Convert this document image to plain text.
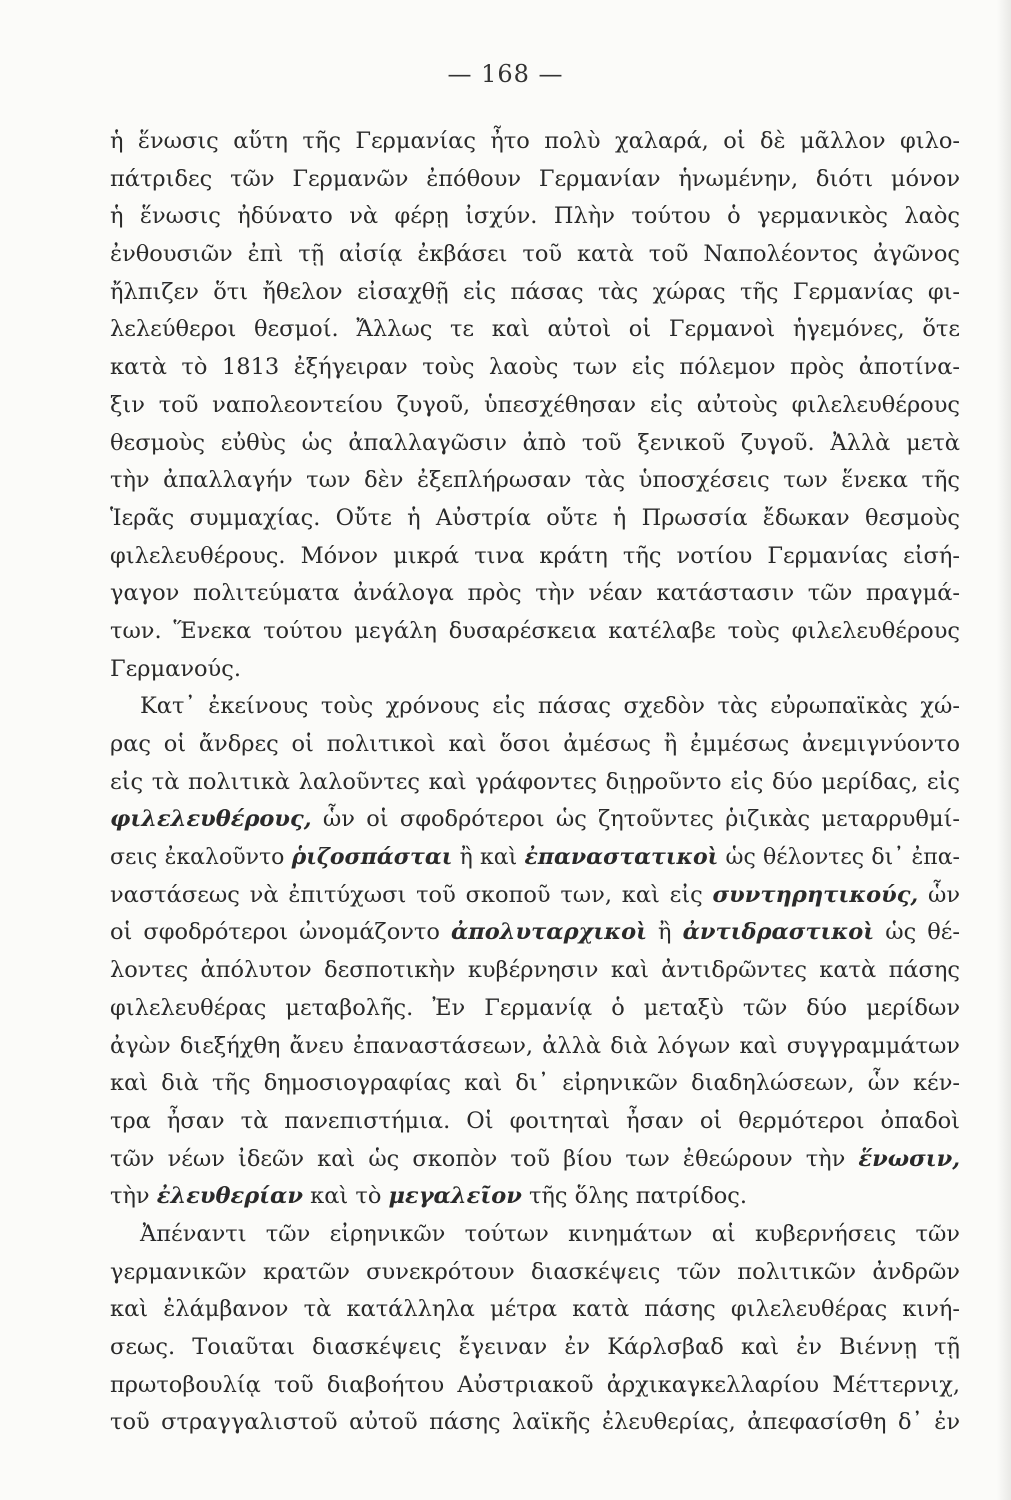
— 168 —
ἡ ἕνωσις αὕτη τῆς Γερμανίας ἦτο πολὺ χαλαρά, οἱ δὲ μᾶλλον φιλο-
πάτριδες τῶν Γερμανῶν ἐπόθουν Γερμανίαν ἡνωμένην, διότι μόνον
ἡ ἕνωσις ἠδύνατο νὰ φέρῃ ἰσχύν. Πλὴν τούτου ὁ γερμανικὸς λαὸς
ἐνθουσιῶν ἐπὶ τῇ αἰσίᾳ ἐκβάσει τοῦ κατὰ τοῦ Ναπολέοντος ἀγῶνος
ἤλπιζεν ὅτι ἤθελον εἰσαχθῇ εἰς πάσας τὰς χώρας τῆς Γερμανίας φι-
λελεύθεροι θεσμοί. Ἄλλως τε καὶ αὐτοὶ οἱ Γερμανοὶ ἡγεμόνες, ὅτε
κατὰ τὸ 1813 ἐξήγειραν τοὺς λαοὺς των εἰς πόλεμον πρὸς ἀποτίνα-
ξιν τοῦ ναπολεοντείου ζυγοῦ, ὑπεσχέθησαν εἰς αὐτοὺς φιλελευθέρους
θεσμοὺς εὐθὺς ὡς ἀπαλλαγῶσιν ἀπὸ τοῦ ξενικοῦ ζυγοῦ. Ἀλλὰ μετὰ
τὴν ἀπαλλαγήν των δὲν ἐξεπλήρωσαν τὰς ὑποσχέσεις των ἕνεκα τῆς
Ἱερᾶς συμμαχίας. Οὔτε ἡ Αὐστρία οὔτε ἡ Πρωσσία ἔδωκαν θεσμοὺς
φιλελευθέρους. Μόνον μικρά τινα κράτη τῆς νοτίου Γερμανίας εἰσή-
γαγον πολιτεύματα ἀνάλογα πρὸς τὴν νέαν κατάστασιν τῶν πραγμά-
των. Ἕνεκα τούτου μεγάλη δυσαρέσκεια κατέλαβε τοὺς φιλελευθέρους
Γερμανούς.
Κατ᾿ ἐκείνους τοὺς χρόνους εἰς πάσας σχεδὸν τὰς εὐρωπαϊκὰς χώ-
ρας οἱ ἄνδρες οἱ πολιτικοὶ καὶ ὅσοι ἀμέσως ἢ ἐμμέσως ἀνεμιγνύοντο
εἰς τὰ πολιτικὰ λαλοῦντες καὶ γράφοντες διῃροῦντο εἰς δύο μερίδας, εἰς
φιλελευθέρους, ὧν οἱ σφοδρότεροι ὡς ζητοῦντες ῥιζικὰς μεταρρυθμί-
σεις ἐκαλοῦντο ῥιζοσπάσται ἢ καὶ ἐπαναστατικοὶ ὡς θέλοντες δι᾿ ἐπα-
ναστάσεως νὰ ἐπιτύχωσι τοῦ σκοποῦ των, καὶ εἰς συντηρητικούς, ὧν
οἱ σφοδρότεροι ὠνομάζοντο ἀπολυταρχικοὶ ἢ ἀντιδραστικοὶ ὡς θέ-
λοντες ἀπόλυτον δεσποτικὴν κυβέρνησιν καὶ ἀντιδρῶντες κατὰ πάσης
φιλελευθέρας μεταβολῆς. Ἐν Γερμανίᾳ ὁ μεταξὺ τῶν δύο μερίδων
ἀγὼν διεξήχθη ἄνευ ἐπαναστάσεων, ἀλλὰ διὰ λόγων καὶ συγγραμμάτων
καὶ διὰ τῆς δημοσιογραφίας καὶ δι᾿ εἰρηνικῶν διαδηλώσεων, ὧν κέν-
τρα ἦσαν τὰ πανεπιστήμια. Οἱ φοιτηταὶ ἦσαν οἱ θερμότεροι ὀπαδοὶ
τῶν νέων ἰδεῶν καὶ ὡς σκοπὸν τοῦ βίου των ἐθεώρουν τὴν ἕνωσιν,
τὴν ἐλευθερίαν καὶ τὸ μεγαλεῖον τῆς ὅλης πατρίδος.
Ἀπέναντι τῶν εἰρηνικῶν τούτων κινημάτων αἱ κυβερνήσεις τῶν
γερμανικῶν κρατῶν συνεκρότουν διασκέψεις τῶν πολιτικῶν ἀνδρῶν
καὶ ἐλάμβανον τὰ κατάλληλα μέτρα κατὰ πάσης φιλελευθέρας κινή-
σεως. Τοιαῦται διασκέψεις ἔγειναν ἐν Κάρλσβαδ καὶ ἐν Βιέννῃ τῇ
πρωτοβουλίᾳ τοῦ διαβοήτου Αὐστριακοῦ ἀρχικαγκελλαρίου Μέττερνιχ,
τοῦ στραγγαλιστοῦ αὐτοῦ πάσης λαϊκῆς ἐλευθερίας, ἀπεφασίσθη δ᾿ ἐν
